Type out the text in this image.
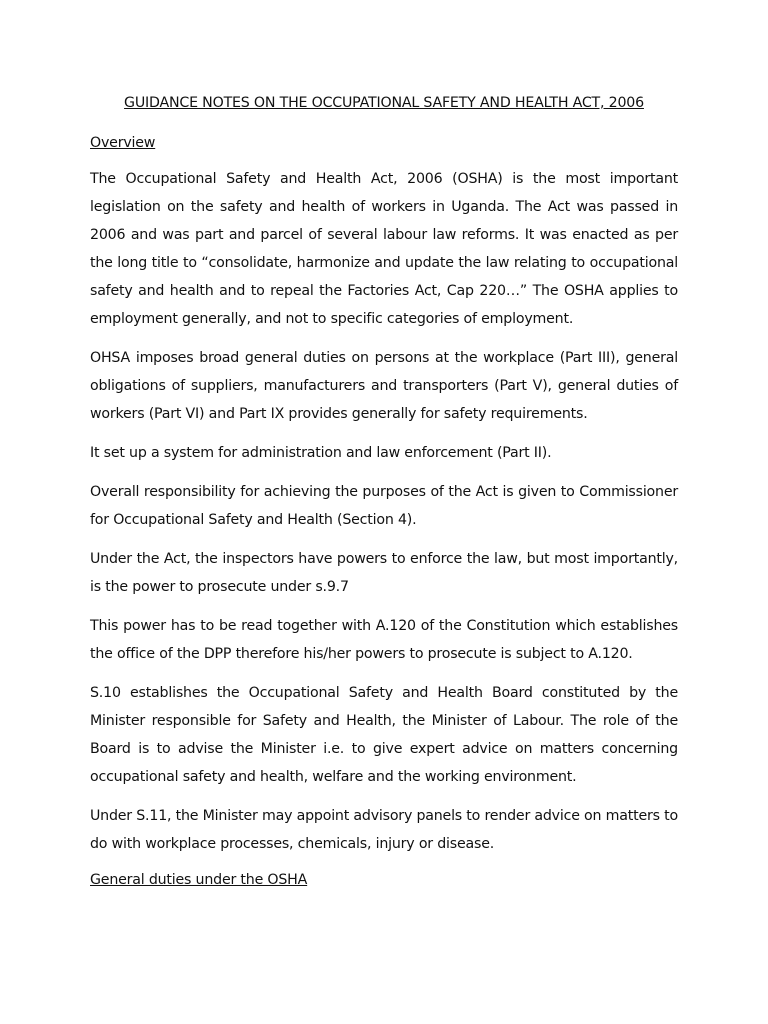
GUIDANCE NOTES ON THE OCCUPATIONAL SAFETY AND HEALTH ACT, 2006
Overview

The Occupational Safety and Health Act, 2006 (OSHA) is the most important legislation on the safety and health of workers in Uganda. The Act was passed in 2006 and was part and parcel of several labour law reforms. It was enacted as per the long title to “consolidate, harmonize and update the law relating to occupational safety and health and to repeal the Factories Act, Cap 220…” The OSHA applies to employment generally, and not to specific categories of employment.

OHSA imposes broad general duties on persons at the workplace (Part III), general obligations of suppliers, manufacturers and transporters (Part V), general duties of workers (Part VI) and Part IX provides generally for safety requirements.

It set up a system for administration and law enforcement (Part II).

Overall responsibility for achieving the purposes of the Act is given to Commissioner for Occupational Safety and Health (Section 4).

Under the Act, the inspectors have powers to enforce the law, but most importantly, is the power to prosecute under s.9.7

This power has to be read together with A.120 of the Constitution which establishes the office of the DPP therefore his/her powers to prosecute is subject to A.120.

S.10 establishes the Occupational Safety and Health Board constituted by the Minister responsible for Safety and Health, the Minister of Labour. The role of the Board is to advise the Minister i.e. to give expert advice on matters concerning occupational safety and health, welfare and the working environment.

Under S.11, the Minister may appoint advisory panels to render advice on matters to do with workplace processes, chemicals, injury or disease.

General duties under the OSHA
